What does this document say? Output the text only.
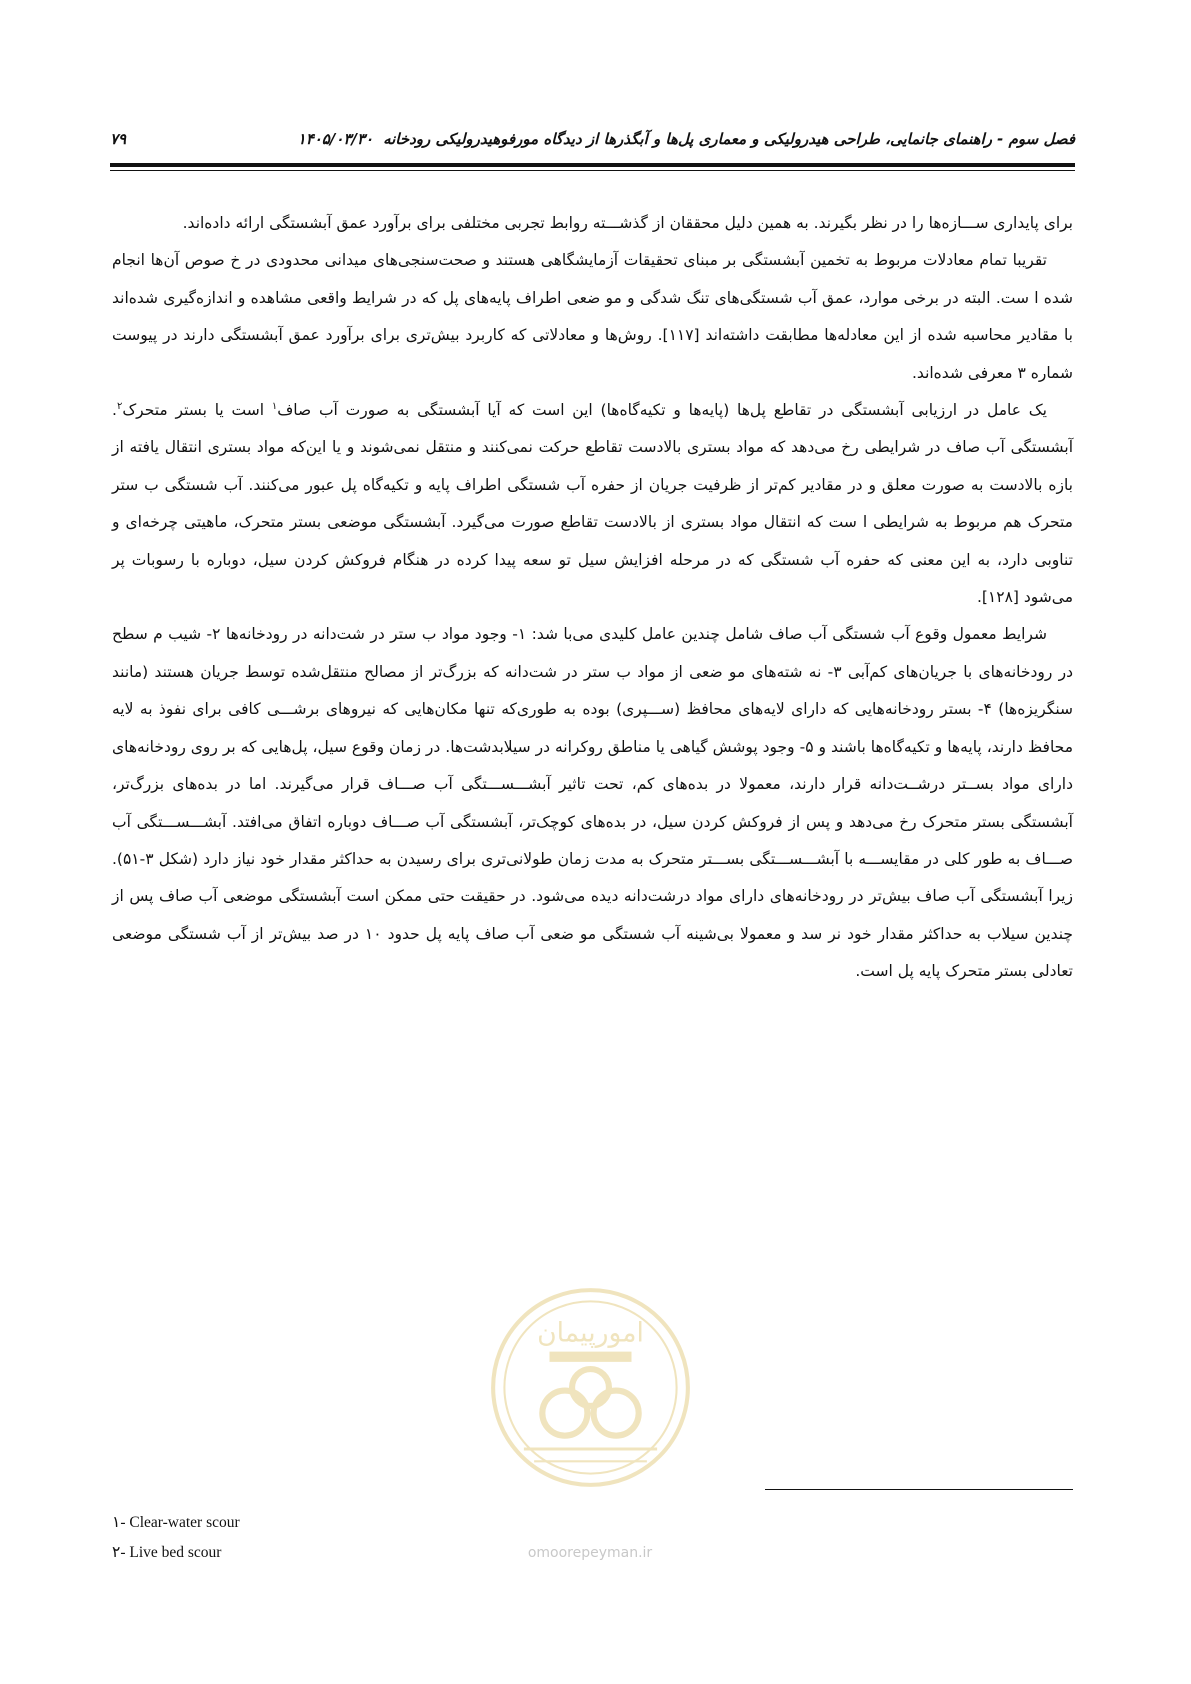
فصل سوم - راهنمای جانمایی، طراحی هیدرولیکی و معماری پل‌ها و آبگذرها از دیدگاه مورفوهیدرولیکی رودخانه۱۴۰۵/۰۳/۳۰
۷۹

برای پایداری ســـازه‌ها را در نظر بگیرند. به همین دلیل محققان از گذشـــته روابط تجربی مختلفی برای برآورد عمق آبشستگی ارائه داده‌اند.

تقریبا تمام معادلات مربوط به تخمین آبشستگی بر مبنای تحقیقات آزمایشگاهی هستند و صحت‌سنجی‌های میدانی محدودی در خ صوص آن‌ها انجام شده ا ست. البته در برخی موارد، عمق آب شستگی‌های تنگ شدگی و مو ضعی اطراف پایه‌های پل که در شرایط واقعی مشاهده و اندازه‌گیری شده‌اند با مقادیر محاسبه شده از این معادله‌ها مطابقت داشته‌اند [۱۱۷]. روش‌ها و معادلاتی که کاربرد بیش‌تری برای برآورد عمق آبشستگی دارند در پیوست شماره ۳ معرفی شده‌اند.

یک عامل در ارزیابی آبشستگی در تقاطع پل‌ها (پایه‌ها و تکیه‌گاه‌ها) این است که آیا آبشستگی به صورت آب صاف$^۱$ است یا بستر متحرک$^۲$. آبشستگی آب صاف در شرایطی رخ می‌دهد که مواد بستری بالادست تقاطع حرکت نمی‌کنند و منتقل نمی‌شوند و یا این‌که مواد بستری انتقال یافته از بازه بالادست به صورت معلق و در مقادیر کم‌تر از ظرفیت جریان از حفره آب شستگی اطراف پایه و تکیه‌گاه پل عبور می‌کنند. آب شستگی ب ستر متحرک هم مربوط به شرایطی ا ست که انتقال مواد بستری از بالادست تقاطع صورت می‌گیرد. آبشستگی موضعی بستر متحرک، ماهیتی چرخه‌ای و تناوبی دارد، به این معنی که حفره آب شستگی که در مرحله افزایش سیل تو سعه پیدا کرده در هنگام فروکش کردن سیل، دوباره با رسوبات پر می‌شود [۱۲۸].

شرایط معمول وقوع آب شستگی آب صاف شامل چندین عامل کلیدی می‌با شد: ۱- وجود مواد ب ستر در شت‌دانه در رودخانه‌ها ۲- شیب م سطح در رودخانه‌های با جریان‌های کم‌آبی ۳- نه شته‌های مو ضعی از مواد ب ستر در شت‌دانه که بزرگ‌تر از مصالح منتقل‌شده توسط جریان هستند (مانند سنگریزه‌ها) ۴- بستر رودخانه‌هایی که دارای لایه‌های محافظ (ســـپری) بوده به طوری‌که تنها مکان‌هایی که نیروهای برشـــی کافی برای نفوذ به لایه محافظ دارند، پایه‌ها و تکیه‌گاه‌ها باشند و ۵- وجود پوشش گیاهی یا مناطق روکرانه در سیلابدشت‌ها. در زمان وقوع سیل، پل‌هایی که بر روی رودخانه‌های دارای مواد بســتر درشــت‌دانه قرار دارند، معمولا در بده‌های کم، تحت تاثیر آبشـــســـتگی آب صـــاف قرار می‌گیرند. اما در بده‌های بزرگ‌تر، آبشستگی بستر متحرک رخ می‌دهد و پس از فروکش کردن سیل، در بده‌های کوچک‌تر، آبشستگی آب صـــاف دوباره اتفاق می‌افتد. آبشـــســـتگی آب صـــاف به طور کلی در مقایســـه با آبشـــســـتگی بســـتر متحرک به مدت زمان طولانی‌تری برای رسیدن به حداکثر مقدار خود نیاز دارد (شکل ۳-۵۱). زیرا آبشستگی آب صاف بیش‌تر در رودخانه‌های دارای مواد درشت‌دانه دیده می‌شود. در حقیقت حتی ممکن است آبشستگی موضعی آب صاف پس از چندین سیلاب به حداکثر مقدار خود نر سد و معمولا بی‌شینه آب شستگی مو ضعی آب صاف پایه پل حدود ۱۰ در صد بیش‌تر از آب شستگی موضعی تعادلی بستر متحرک پایه پل است.

امورپیمان
omoorepeyman.ir
۱- Clear-water scour
۲- Live bed scour
